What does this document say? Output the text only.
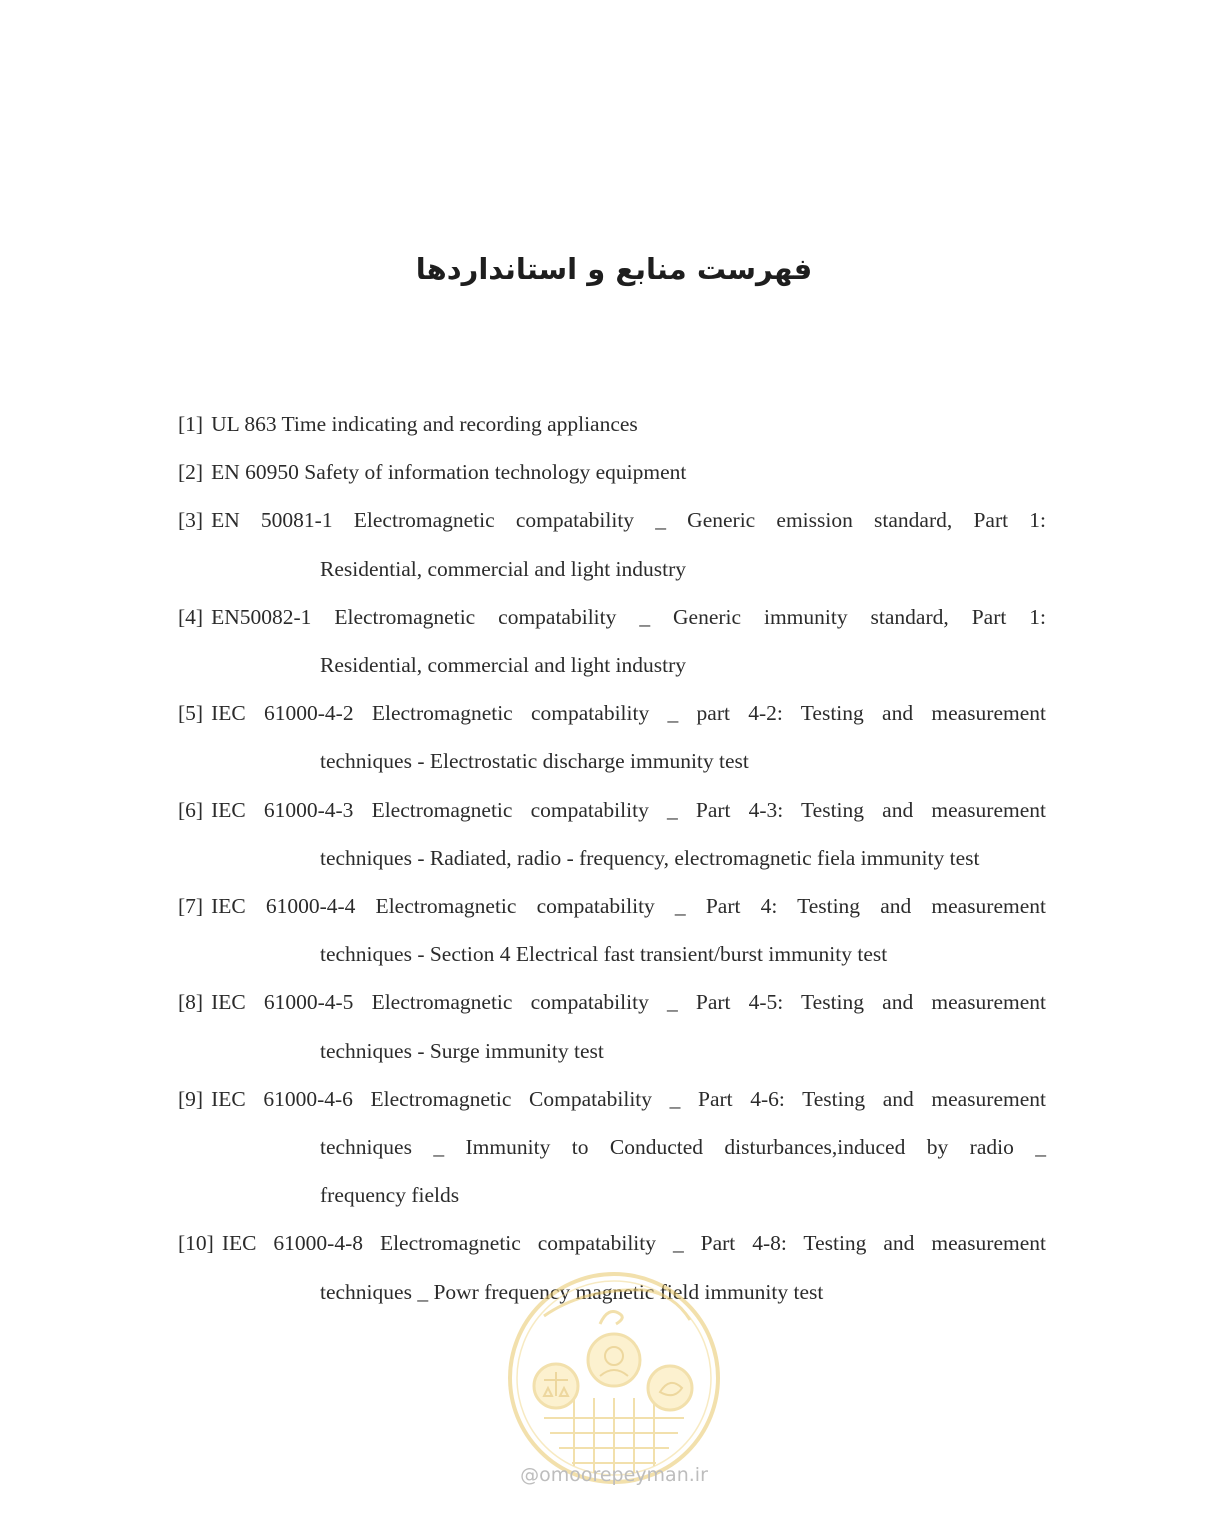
فهرست منابع و استانداردها
[1] UL 863 Time indicating and recording appliances
[2] EN 60950 Safety of information technology equipment
[3] EN 50081-1 Electromagnetic compatability _ Generic emission standard, Part 1:
Residential, commercial and light industry
[4] EN50082-1 Electromagnetic compatability _ Generic immunity standard, Part 1:
Residential, commercial and light industry
[5] IEC 61000-4-2 Electromagnetic compatability _ part 4-2: Testing and measurement
techniques - Electrostatic discharge immunity test
[6] IEC 61000-4-3 Electromagnetic compatability _ Part 4-3: Testing and measurement
techniques - Radiated, radio - frequency, electromagnetic fiela immunity test
[7] IEC 61000-4-4 Electromagnetic compatability _ Part 4: Testing and measurement
techniques - Section 4 Electrical fast transient/burst immunity test
[8] IEC 61000-4-5 Electromagnetic compatability _ Part 4-5: Testing and measurement
techniques - Surge immunity test
[9] IEC 61000-4-6 Electromagnetic Compatability _ Part 4-6: Testing and measurement
techniques _ Immunity to Conducted disturbances,induced by radio _
frequency fields
[10] IEC 61000-4-8 Electromagnetic compatability _ Part 4-8: Testing and measurement
techniques _ Powr frequency magnetic field immunity test
@omoorepeyman.ir
